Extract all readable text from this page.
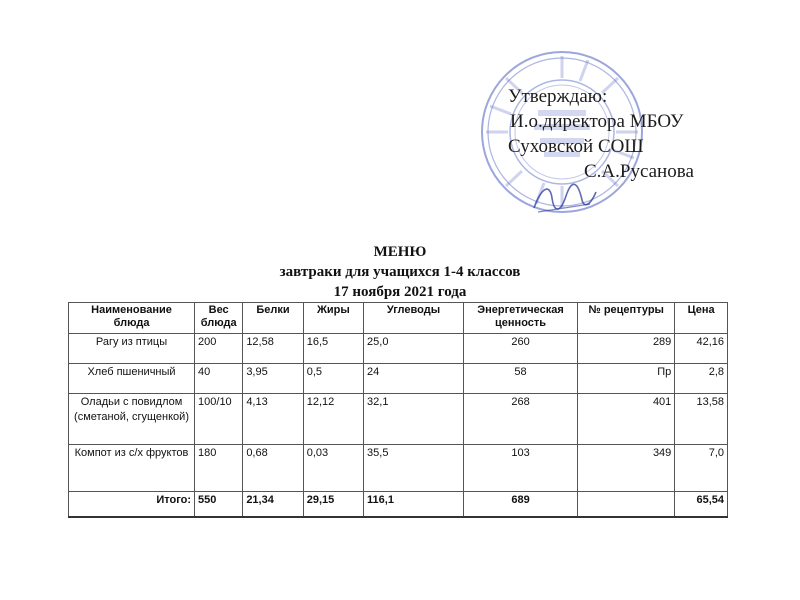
Утверждаю:
И.о.директора МБОУ
Суховской СОШ
С.А.Русанова
МЕНЮ
завтраки для учащихся 1-4 классов
17 ноября 2021 года
Наименование блюда	Вес блюда	Белки	Жиры	Углеводы	Энергетическая ценность	№ рецептуры	Цена
Рагу из птицы	200	12,58	16,5	25,0	260	289	42,16
Хлеб пшеничный	40	3,95	0,5	24	58	Пр	2,8
Оладьи с повидлом (сметаной, сгущенкой)	100/10	4,13	12,12	32,1	268	401	13,58
Компот из с/х фруктов	180	0,68	0,03	35,5	103	349	7,0
Итого:	550	21,34	29,15	116,1	689		65,54
